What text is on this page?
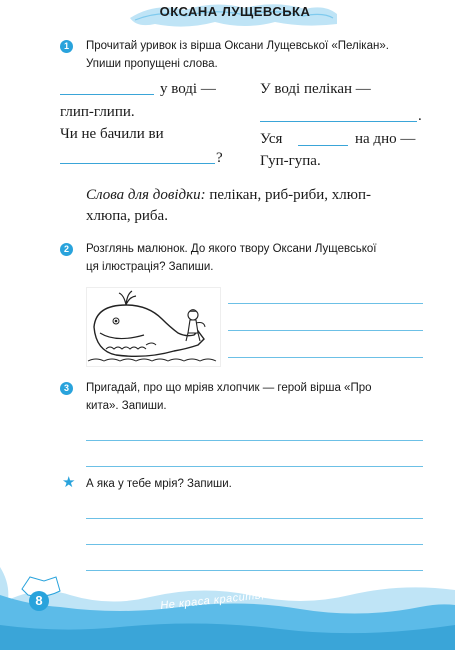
ОКСАНА ЛУЩЕВСЬКА
1	Прочитай уривок із вірша Оксани Лущевської «Пелікан».
Упиши пропущені слова.
у воді —
глип-глипи.
Чи не бачили ви
?
У воді пелікан —
.
Уся	на дно —
Гуп-гупа.
Слова для довідки: пелікан, риб-риби, хлюп-
хлюпа, риба.
2	Розглянь малюнок. До якого твору Оксани Лущевської
ця ілюстрація? Запиши.
3	Пригадай, про що мріяв хлопчик — герой вірша «Про
кита». Запиши.
★ А яка у тебе мрія? Запиши.
8	Не краса красить, а розум.
